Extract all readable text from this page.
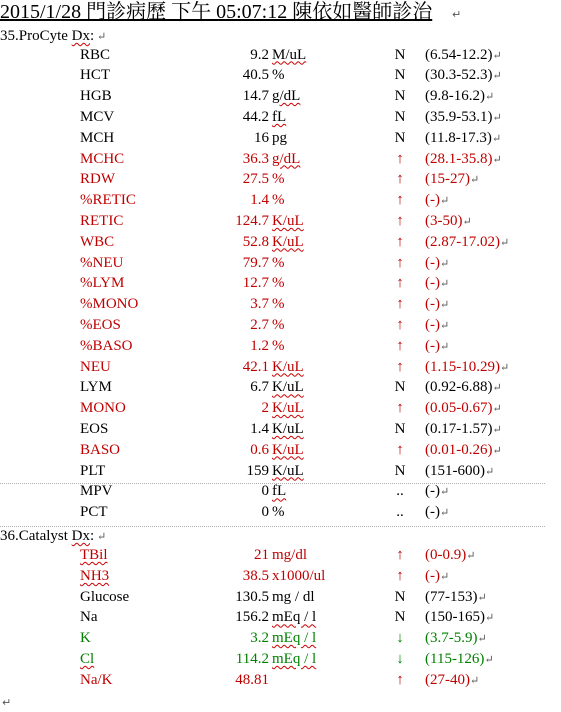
2015/1/28 門診病歷 下午 05:07:12 陳依如醫師診治 ↵
35.ProCyte Dx: ↵
RBC	9.2 M/uL	N (6.54-12.2)↵
HCT	40.5 %	N (30.3-52.3)↵
HGB	14.7 g/dL	N (9.8-16.2)↵
MCV	44.2 fL	N (35.9-53.1)↵
MCH	16 pg	N (11.8-17.3)↵
MCHC	36.3 g/dL	↑ (28.1-35.8)↵
RDW	27.5 %	↑ (15-27)↵
%RETIC	1.4 %	↑ (-)↵
RETIC	124.7 K/uL	↑ (3-50)↵
WBC	52.8 K/uL	↑ (2.87-17.02)↵
%NEU	79.7 %	↑ (-)↵
%LYM	12.7 %	↑ (-)↵
%MONO	3.7 %	↑ (-)↵
%EOS	2.7 %	↑ (-)↵
%BASO	1.2 %	↑ (-)↵
NEU	42.1 K/uL	↑ (1.15-10.29)↵
LYM	6.7 K/uL	N (0.92-6.88)↵
MONO	2 K/uL	↑ (0.05-0.67)↵
EOS	1.4 K/uL	N (0.17-1.57)↵
BASO	0.6 K/uL	↑ (0.01-0.26)↵
PLT	159 K/uL	N (151-600)↵
MPV	0 fL	.. (-)↵
PCT	0 %	.. (-)↵
36.Catalyst Dx: ↵
TBil	21 mg/dl	↑ (0-0.9)↵
NH3	38.5 x1000/ul	↑ (-)↵
Glucose	130.5 mg / dl	N (77-153)↵
Na	156.2 mEq / l	N (150-165)↵
K	3.2 mEq / l	↓ (3.7-5.9)↵
Cl	114.2 mEq / l	↓ (115-126)↵
Na/K	48.81	↑ (27-40)↵
↵
